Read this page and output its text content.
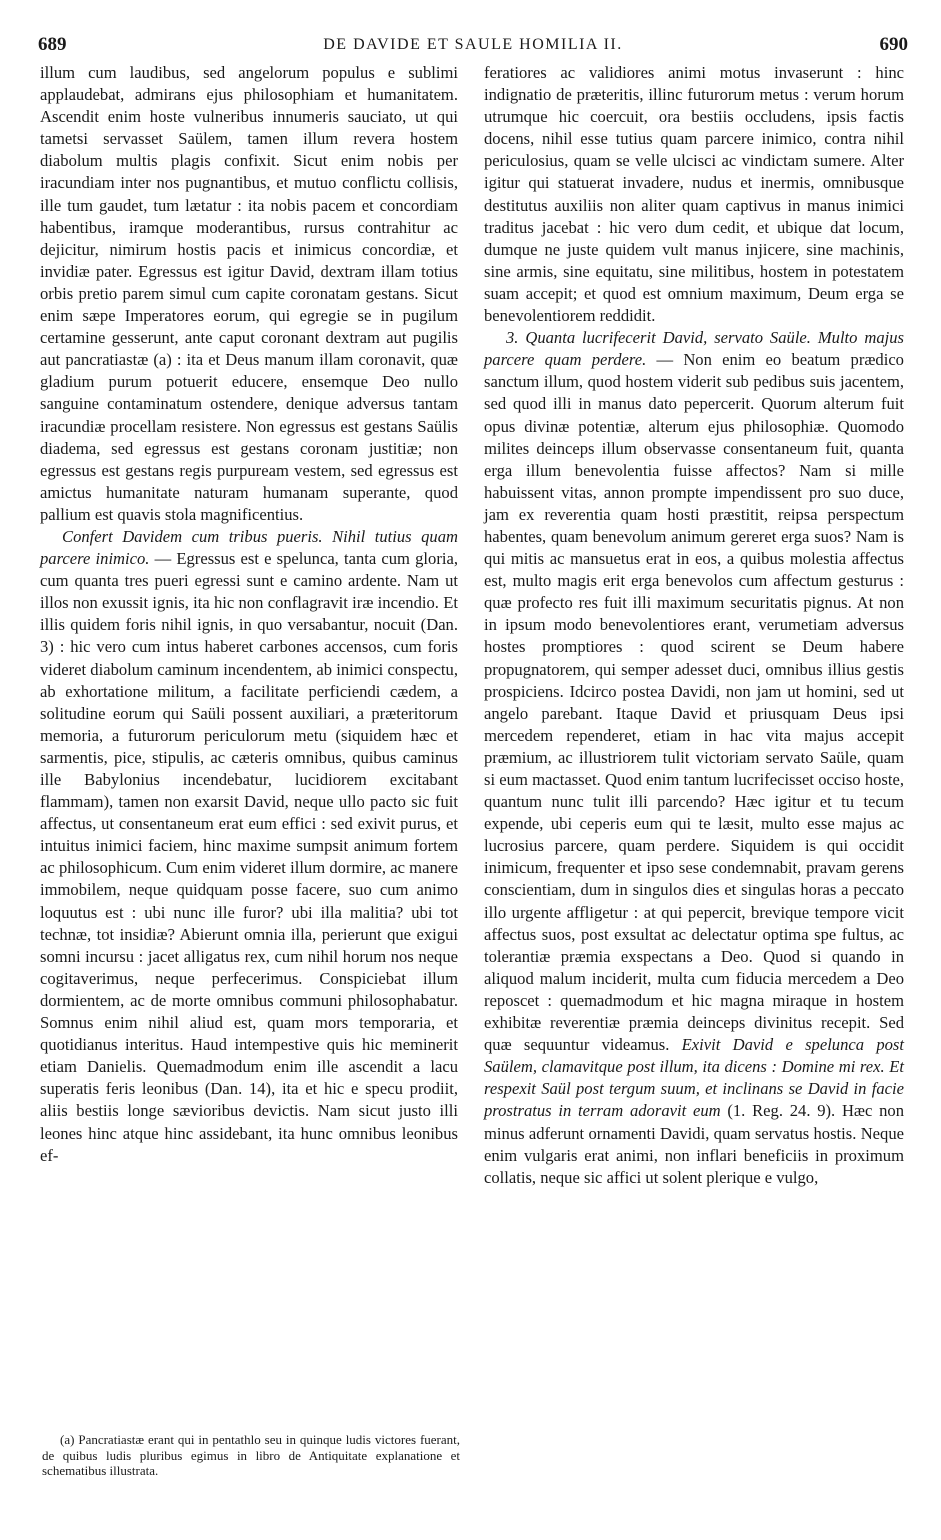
689	DE DAVIDE ET SAULE HOMILIA II.	690

illum cum laudibus, sed angelorum populus e sublimi applaudebat, admirans ejus philosophiam et humanitatem. Ascendit enim hoste vulneribus innumeris sauciato, ut qui tametsi servasset Saülem, tamen illum revera hostem diabolum multis plagis confixit. Sicut enim nobis per iracundiam inter nos pugnantibus, et mutuo conflictu collisis, ille tum gaudet, tum lætatur : ita nobis pacem et concordiam habentibus, iramque moderantibus, rursus contrahitur ac dejicitur, nimirum hostis pacis et inimicus concordiæ, et invidiæ pater. Egressus est igitur David, dextram illam totius orbis pretio parem simul cum capite coronatam gestans. Sicut enim sæpe Imperatores eorum, qui egregie se in pugilum certamine gesserunt, ante caput coronant dextram aut pugilis aut pancratiastæ (a) : ita et Deus manum illam coronavit, quæ gladium purum potuerit educere, ensemque Deo nullo sanguine contaminatum ostendere, denique adversus tantam iracundiæ procellam resistere. Non egressus est gestans Saülis diadema, sed egressus est gestans coronam justitiæ; non egressus est gestans regis purpuream vestem, sed egressus est amictus humanitate naturam humanam superante, quod pallium est quavis stola magnificentius.

Confert Davidem cum tribus pueris. Nihil tutius quam parcere inimico. — Egressus est e spelunca, tanta cum gloria, cum quanta tres pueri egressi sunt e camino ardente. Nam ut illos non exussit ignis, ita hic non conflagravit iræ incendio. Et illis quidem foris nihil ignis, in quo versabantur, nocuit (Dan. 3) : hic vero cum intus haberet carbones accensos, cum foris videret diabolum caminum incendentem, ab inimici conspectu, ab exhortatione militum, a facilitate perficiendi cædem, a solitudine eorum qui Saüli possent auxiliari, a præteritorum memoria, a futurorum periculorum metu (siquidem hæc et sarmentis, pice, stipulis, ac cæteris omnibus, quibus caminus ille Babylonius incendebatur, lucidiorem excitabant flammam), tamen non exarsit David, neque ullo pacto sic fuit affectus, ut consentaneum erat eum effici : sed exivit purus, et intuitus inimici faciem, hinc maxime sumpsit animum fortem ac philosophicum. Cum enim videret illum dormire, ac manere immobilem, neque quidquam posse facere, suo cum animo loquutus est : ubi nunc ille furor? ubi illa malitia? ubi tot technæ, tot insidiæ? Abierunt omnia illa, perierunt que exigui somni incursu : jacet alligatus rex, cum nihil horum nos neque cogitaverimus, neque perfecerimus. Conspiciebat illum dormientem, ac de morte omnibus communi philosophabatur. Somnus enim nihil aliud est, quam mors temporaria, et quotidianus interitus. Haud intempestive quis hic meminerit etiam Danielis. Quemadmodum enim ille ascendit a lacu superatis feris leonibus (Dan. 14), ita et hic e specu prodiit, aliis bestiis longe sævioribus devictis. Nam sicut justo illi leones hinc atque hinc assidebant, ita hunc omnibus leonibus ef-

feratiores ac validiores animi motus invaserunt : hinc indignatio de præteritis, illinc futurorum metus : verum horum utrumque hic coercuit, ora bestiis occludens, ipsis factis docens, nihil esse tutius quam parcere inimico, contra nihil periculosius, quam se velle ulcisci ac vindictam sumere. Alter igitur qui statuerat invadere, nudus et inermis, omnibusque destitutus auxiliis non aliter quam captivus in manus inimici traditus jacebat : hic vero dum cedit, et ubique dat locum, dumque ne juste quidem vult manus injicere, sine machinis, sine armis, sine equitatu, sine militibus, hostem in potestatem suam accepit; et quod est omnium maximum, Deum erga se benevolentiorem reddidit.

3. Quanta lucrifecerit David, servato Saüle. Multo majus parcere quam perdere. — Non enim eo beatum prædico sanctum illum, quod hostem viderit sub pedibus suis jacentem, sed quod illi in manus dato pepercerit. Quorum alterum fuit opus divinæ potentiæ, alterum ejus philosophiæ. Quomodo milites deinceps illum observasse consentaneum fuit, quanta erga illum benevolentia fuisse affectos? Nam si mille habuissent vitas, annon prompte impendissent pro suo duce, jam ex reverentia quam hosti præstitit, reipsa perspectum habentes, quam benevolum animum gereret erga suos? Nam is qui mitis ac mansuetus erat in eos, a quibus molestia affectus est, multo magis erit erga benevolos cum affectum gesturus : quæ profecto res fuit illi maximum securitatis pignus. At non in ipsum modo benevolentiores erant, verumetiam adversus hostes promptiores : quod scirent se Deum habere propugnatorem, qui semper adesset duci, omnibus illius gestis prospiciens. Idcirco postea Davidi, non jam ut homini, sed ut angelo parebant. Itaque David et priusquam Deus ipsi mercedem rependeret, etiam in hac vita majus accepit præmium, ac illustriorem tulit victoriam servato Saüle, quam si eum mactasset. Quod enim tantum lucrifecisset occiso hoste, quantum nunc tulit illi parcendo? Hæc igitur et tu tecum expende, ubi ceperis eum qui te læsit, multo esse majus ac lucrosius parcere, quam perdere. Siquidem is qui occidit inimicum, frequenter et ipso sese condemnabit, pravam gerens conscientiam, dum in singulos dies et singulas horas a peccato illo urgente affligetur : at qui pepercit, brevique tempore vicit affectus suos, post exsultat ac delectatur optima spe fultus, ac tolerantiæ præmia exspectans a Deo. Quod si quando in aliquod malum inciderit, multa cum fiducia mercedem a Deo reposcet : quemadmodum et hic magna miraque in hostem exhibitæ reverentiæ præmia deinceps divinitus recepit. Sed quæ sequuntur videamus. Exivit David e spelunca post Saülem, clamavitque post illum, ita dicens : Domine mi rex. Et respexit Saül post tergum suum, et inclinans se David in facie prostratus in terram adoravit eum (1. Reg. 24. 9). Hæc non minus adferunt ornamenti Davidi, quam servatus hostis. Neque enim vulgaris erat animi, non inflari beneficiis in proximum collatis, neque sic affici ut solent plerique e vulgo,

(a) Pancratiastæ erant qui in pentathlo seu in quinque ludis victores fuerant, de quibus ludis pluribus egimus in libro de Antiquitate explanatione et schematibus illustrata.
